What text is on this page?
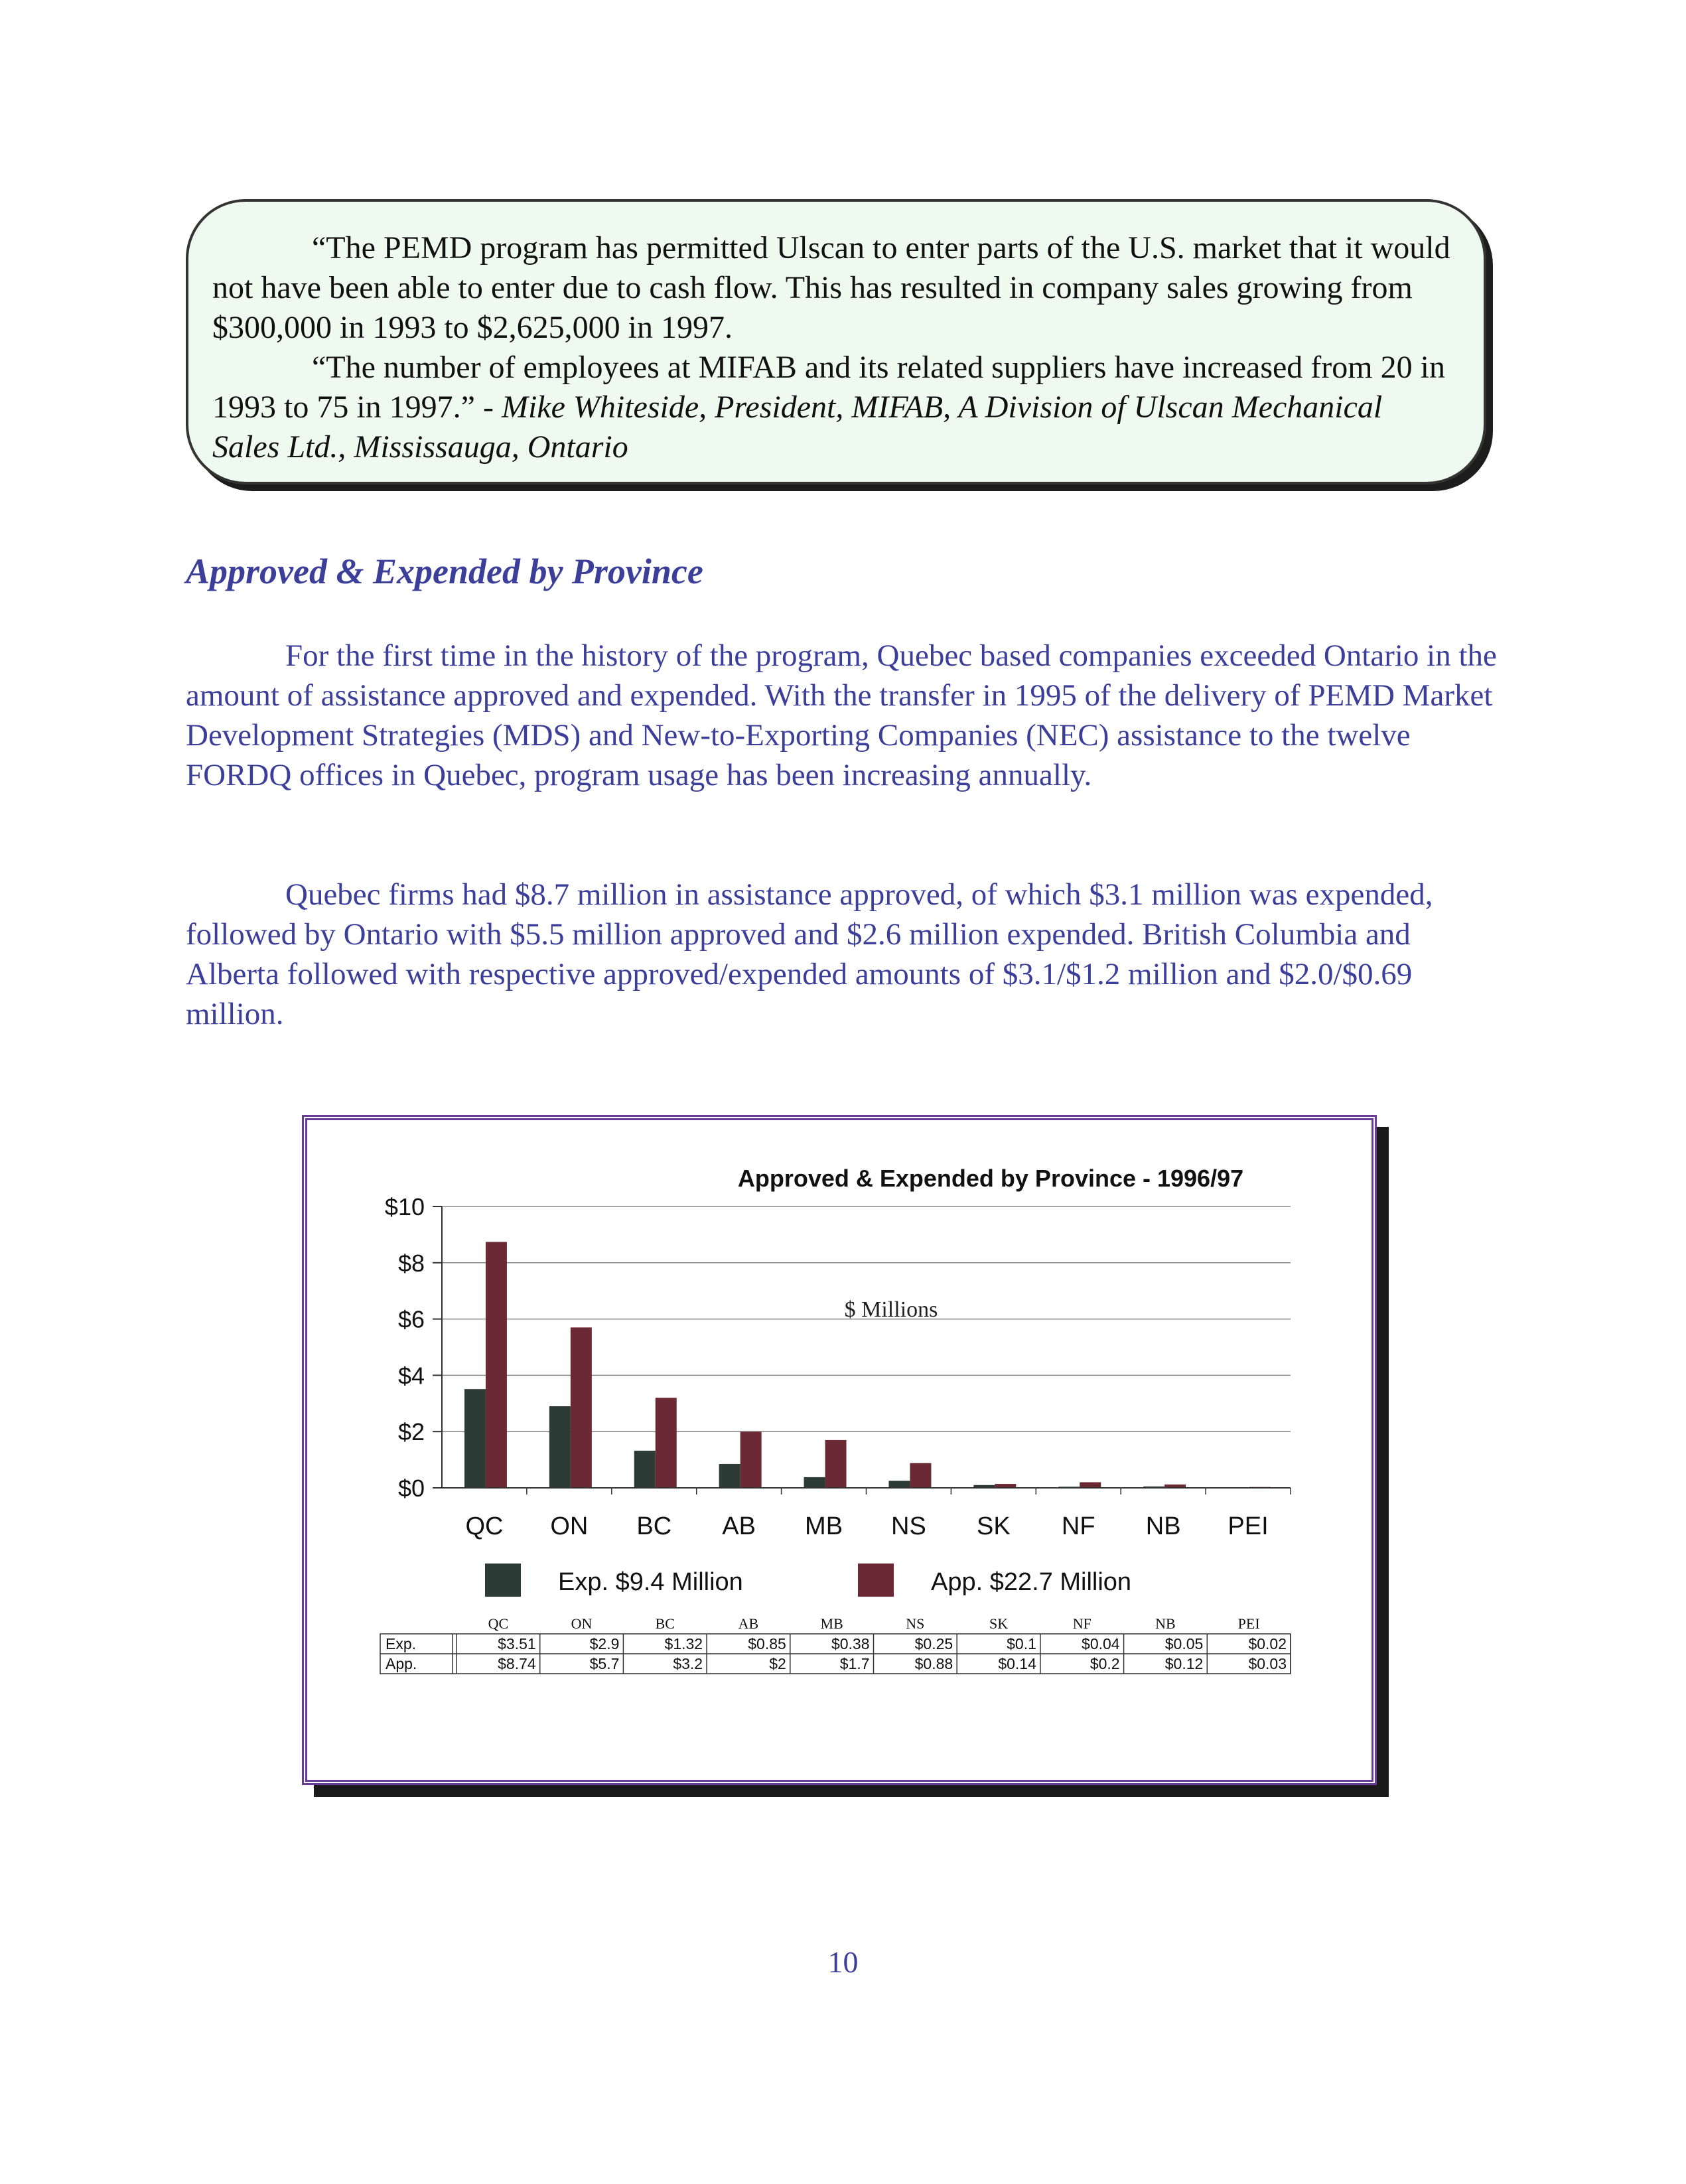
“The PEMD program has permitted Ulscan to enter parts of the U.S. market that it would not have been able to enter due to cash flow. This has resulted in company sales growing from $300,000 in 1993 to $2,625,000 in 1997.

“The number of employees at MIFAB and its related suppliers have increased from 20 in 1993 to 75 in 1997.” - Mike Whiteside, President, MIFAB, A Division of Ulscan Mechanical Sales Ltd., Mississauga, Ontario

Approved & Expended by Province

For the first time in the history of the program, Quebec based companies exceeded Ontario in the amount of assistance approved and expended. With the transfer in 1995 of the delivery of PEMD Market Development Strategies (MDS) and New-to-Exporting Companies (NEC) assistance to the twelve FORDQ offices in Quebec, program usage has been increasing annually.

Quebec firms had $8.7 million in assistance approved, of which $3.1 million was expended, followed by Ontario with $5.5 million approved and $2.6 million expended. British Columbia and Alberta followed with respective approved/expended amounts of $3.1/$1.2 million and $2.0/$0.69 million.

Approved & Expended by Province - 1996/97
$0
$2
$4
$6
$8
$10
$ Millions
QC ON BC AB MB NS SK NF NB PEI
Exp. $9.4 Million	App. $22.7 Million
QC	ON	BC	AB	MB	NS	SK	NF	NB	PEI
Exp.	$3.51	$2.9	$1.32	$0.85	$0.38	$0.25	$0.1	$0.04	$0.05	$0.02
App.	$8.74	$5.7	$3.2	$2	$1.7	$0.88	$0.14	$0.2	$0.12	$0.03
10
